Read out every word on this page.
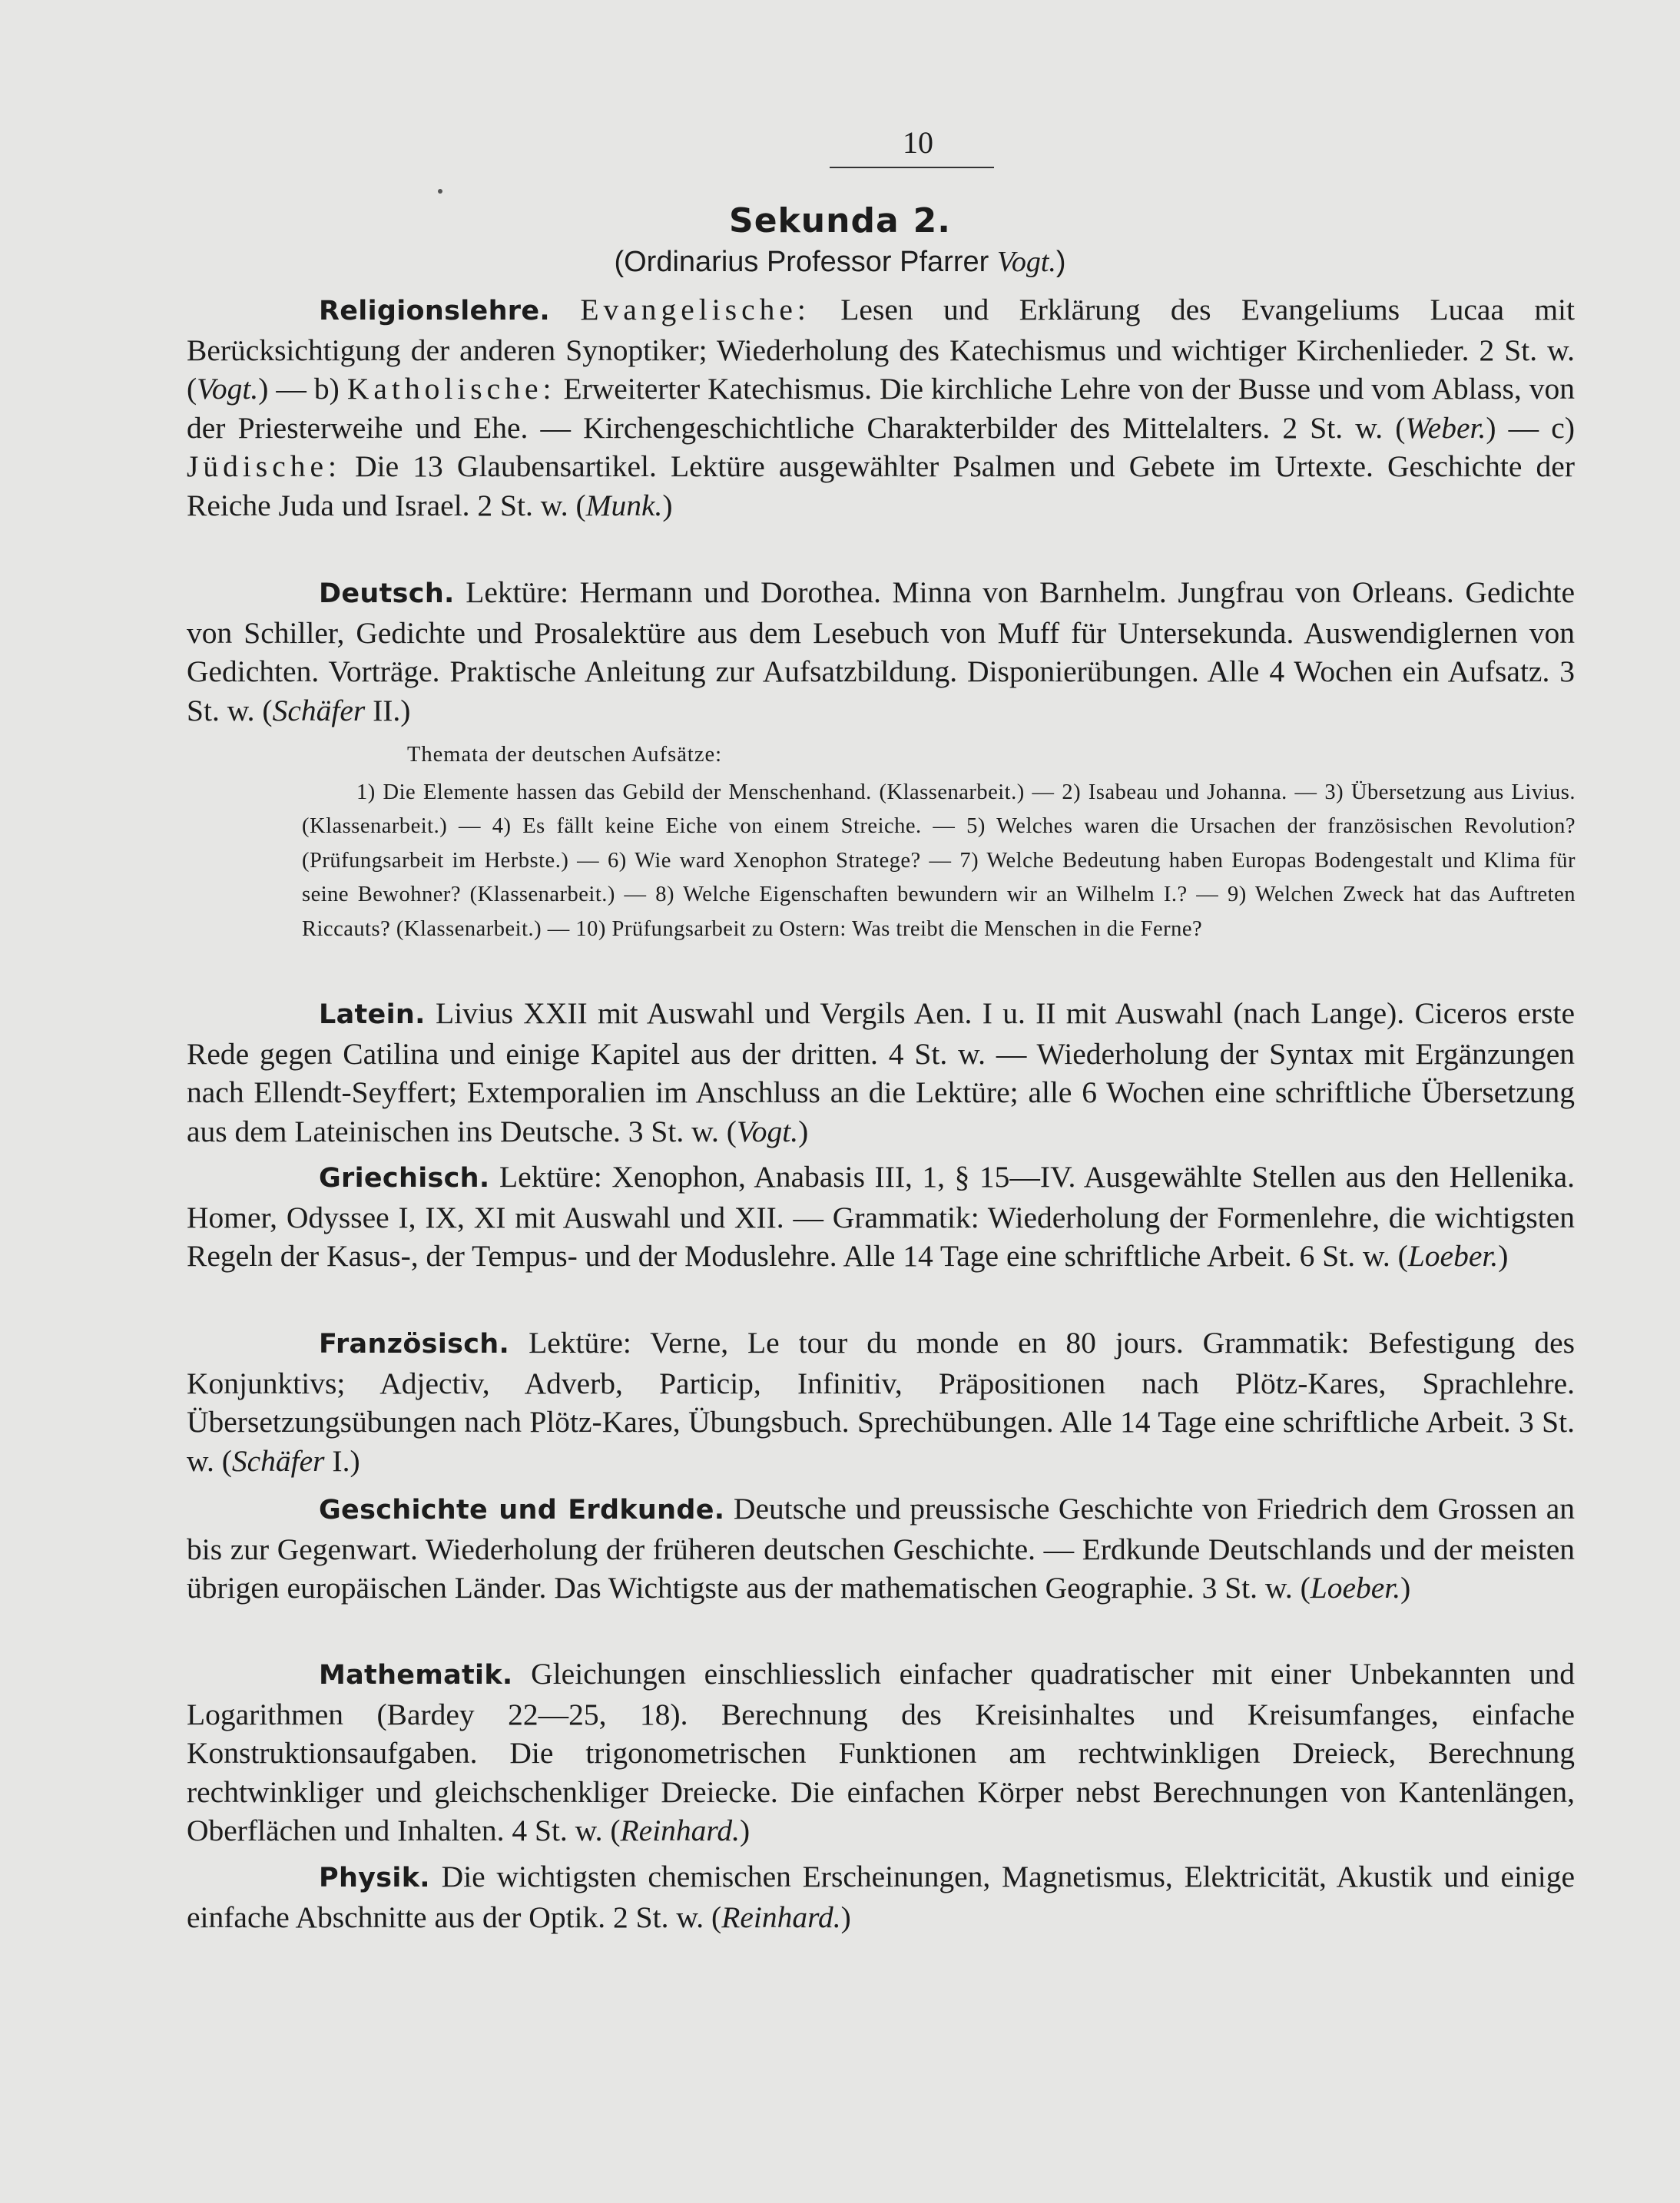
10
Sekunda 2.
(Ordinarius Professor Pfarrer Vogt.)
Religionslehre. Evangelische: Lesen und Erklärung des Evangeliums Lucaa mit Berücksichtigung der anderen Synoptiker; Wiederholung des Katechismus und wichtiger Kirchenlieder. 2 St. w. (Vogt.) — b) Katholische: Erweiterter Katechismus. Die kirchliche Lehre von der Busse und vom Ablass, von der Priesterweihe und Ehe. — Kirchengeschichtliche Charakterbilder des Mittelalters. 2 St. w. (Weber.) — c) Jüdische: Die 13 Glaubensartikel. Lektüre ausgewählter Psalmen und Gebete im Urtexte. Geschichte der Reiche Juda und Israel. 2 St. w. (Munk.)
Deutsch. Lektüre: Hermann und Dorothea. Minna von Barnhelm. Jungfrau von Orleans. Gedichte von Schiller, Gedichte und Prosalektüre aus dem Lesebuch von Muff für Untersekunda. Auswendiglernen von Gedichten. Vorträge. Praktische Anleitung zur Aufsatzbildung. Disponierübungen. Alle 4 Wochen ein Aufsatz. 3 St. w. (Schäfer II.)
Themata der deutschen Aufsätze:
1) Die Elemente hassen das Gebild der Menschenhand. (Klassenarbeit.) — 2) Isabeau und Johanna. — 3) Übersetzung aus Livius. (Klassenarbeit.) — 4) Es fällt keine Eiche von einem Streiche. — 5) Welches waren die Ursachen der französischen Revolution? (Prüfungsarbeit im Herbste.) — 6) Wie ward Xenophon Stratege? — 7) Welche Bedeutung haben Europas Bodengestalt und Klima für seine Bewohner? (Klassenarbeit.) — 8) Welche Eigenschaften bewundern wir an Wilhelm I.? — 9) Welchen Zweck hat das Auftreten Riccauts? (Klassenarbeit.) — 10) Prüfungsarbeit zu Ostern: Was treibt die Menschen in die Ferne?
Latein. Livius XXII mit Auswahl und Vergils Aen. I u. II mit Auswahl (nach Lange). Ciceros erste Rede gegen Catilina und einige Kapitel aus der dritten. 4 St. w. — Wiederholung der Syntax mit Ergänzungen nach Ellendt-Seyffert; Extemporalien im Anschluss an die Lektüre; alle 6 Wochen eine schriftliche Übersetzung aus dem Lateinischen ins Deutsche. 3 St. w. (Vogt.)
Griechisch. Lektüre: Xenophon, Anabasis III, 1, § 15—IV. Ausgewählte Stellen aus den Hellenika. Homer, Odyssee I, IX, XI mit Auswahl und XII. — Grammatik: Wiederholung der Formenlehre, die wichtigsten Regeln der Kasus-, der Tempus- und der Moduslehre. Alle 14 Tage eine schriftliche Arbeit. 6 St. w. (Loeber.)
Französisch. Lektüre: Verne, Le tour du monde en 80 jours. Grammatik: Befestigung des Konjunktivs; Adjectiv, Adverb, Particip, Infinitiv, Präpositionen nach Plötz-Kares, Sprachlehre. Übersetzungsübungen nach Plötz-Kares, Übungsbuch. Sprechübungen. Alle 14 Tage eine schriftliche Arbeit. 3 St. w. (Schäfer I.)
Geschichte und Erdkunde. Deutsche und preussische Geschichte von Friedrich dem Grossen an bis zur Gegenwart. Wiederholung der früheren deutschen Geschichte. — Erdkunde Deutschlands und der meisten übrigen europäischen Länder. Das Wichtigste aus der mathematischen Geographie. 3 St. w. (Loeber.)
Mathematik. Gleichungen einschliesslich einfacher quadratischer mit einer Unbekannten und Logarithmen (Bardey 22—25, 18). Berechnung des Kreisinhaltes und Kreisumfanges, einfache Konstruktionsaufgaben. Die trigonometrischen Funktionen am rechtwinkligen Dreieck, Berechnung rechtwinkliger und gleichschenkliger Dreiecke. Die einfachen Körper nebst Berechnungen von Kantenlängen, Oberflächen und Inhalten. 4 St. w. (Reinhard.)
Physik. Die wichtigsten chemischen Erscheinungen, Magnetismus, Elektricität, Akustik und einige einfache Abschnitte aus der Optik. 2 St. w. (Reinhard.)
